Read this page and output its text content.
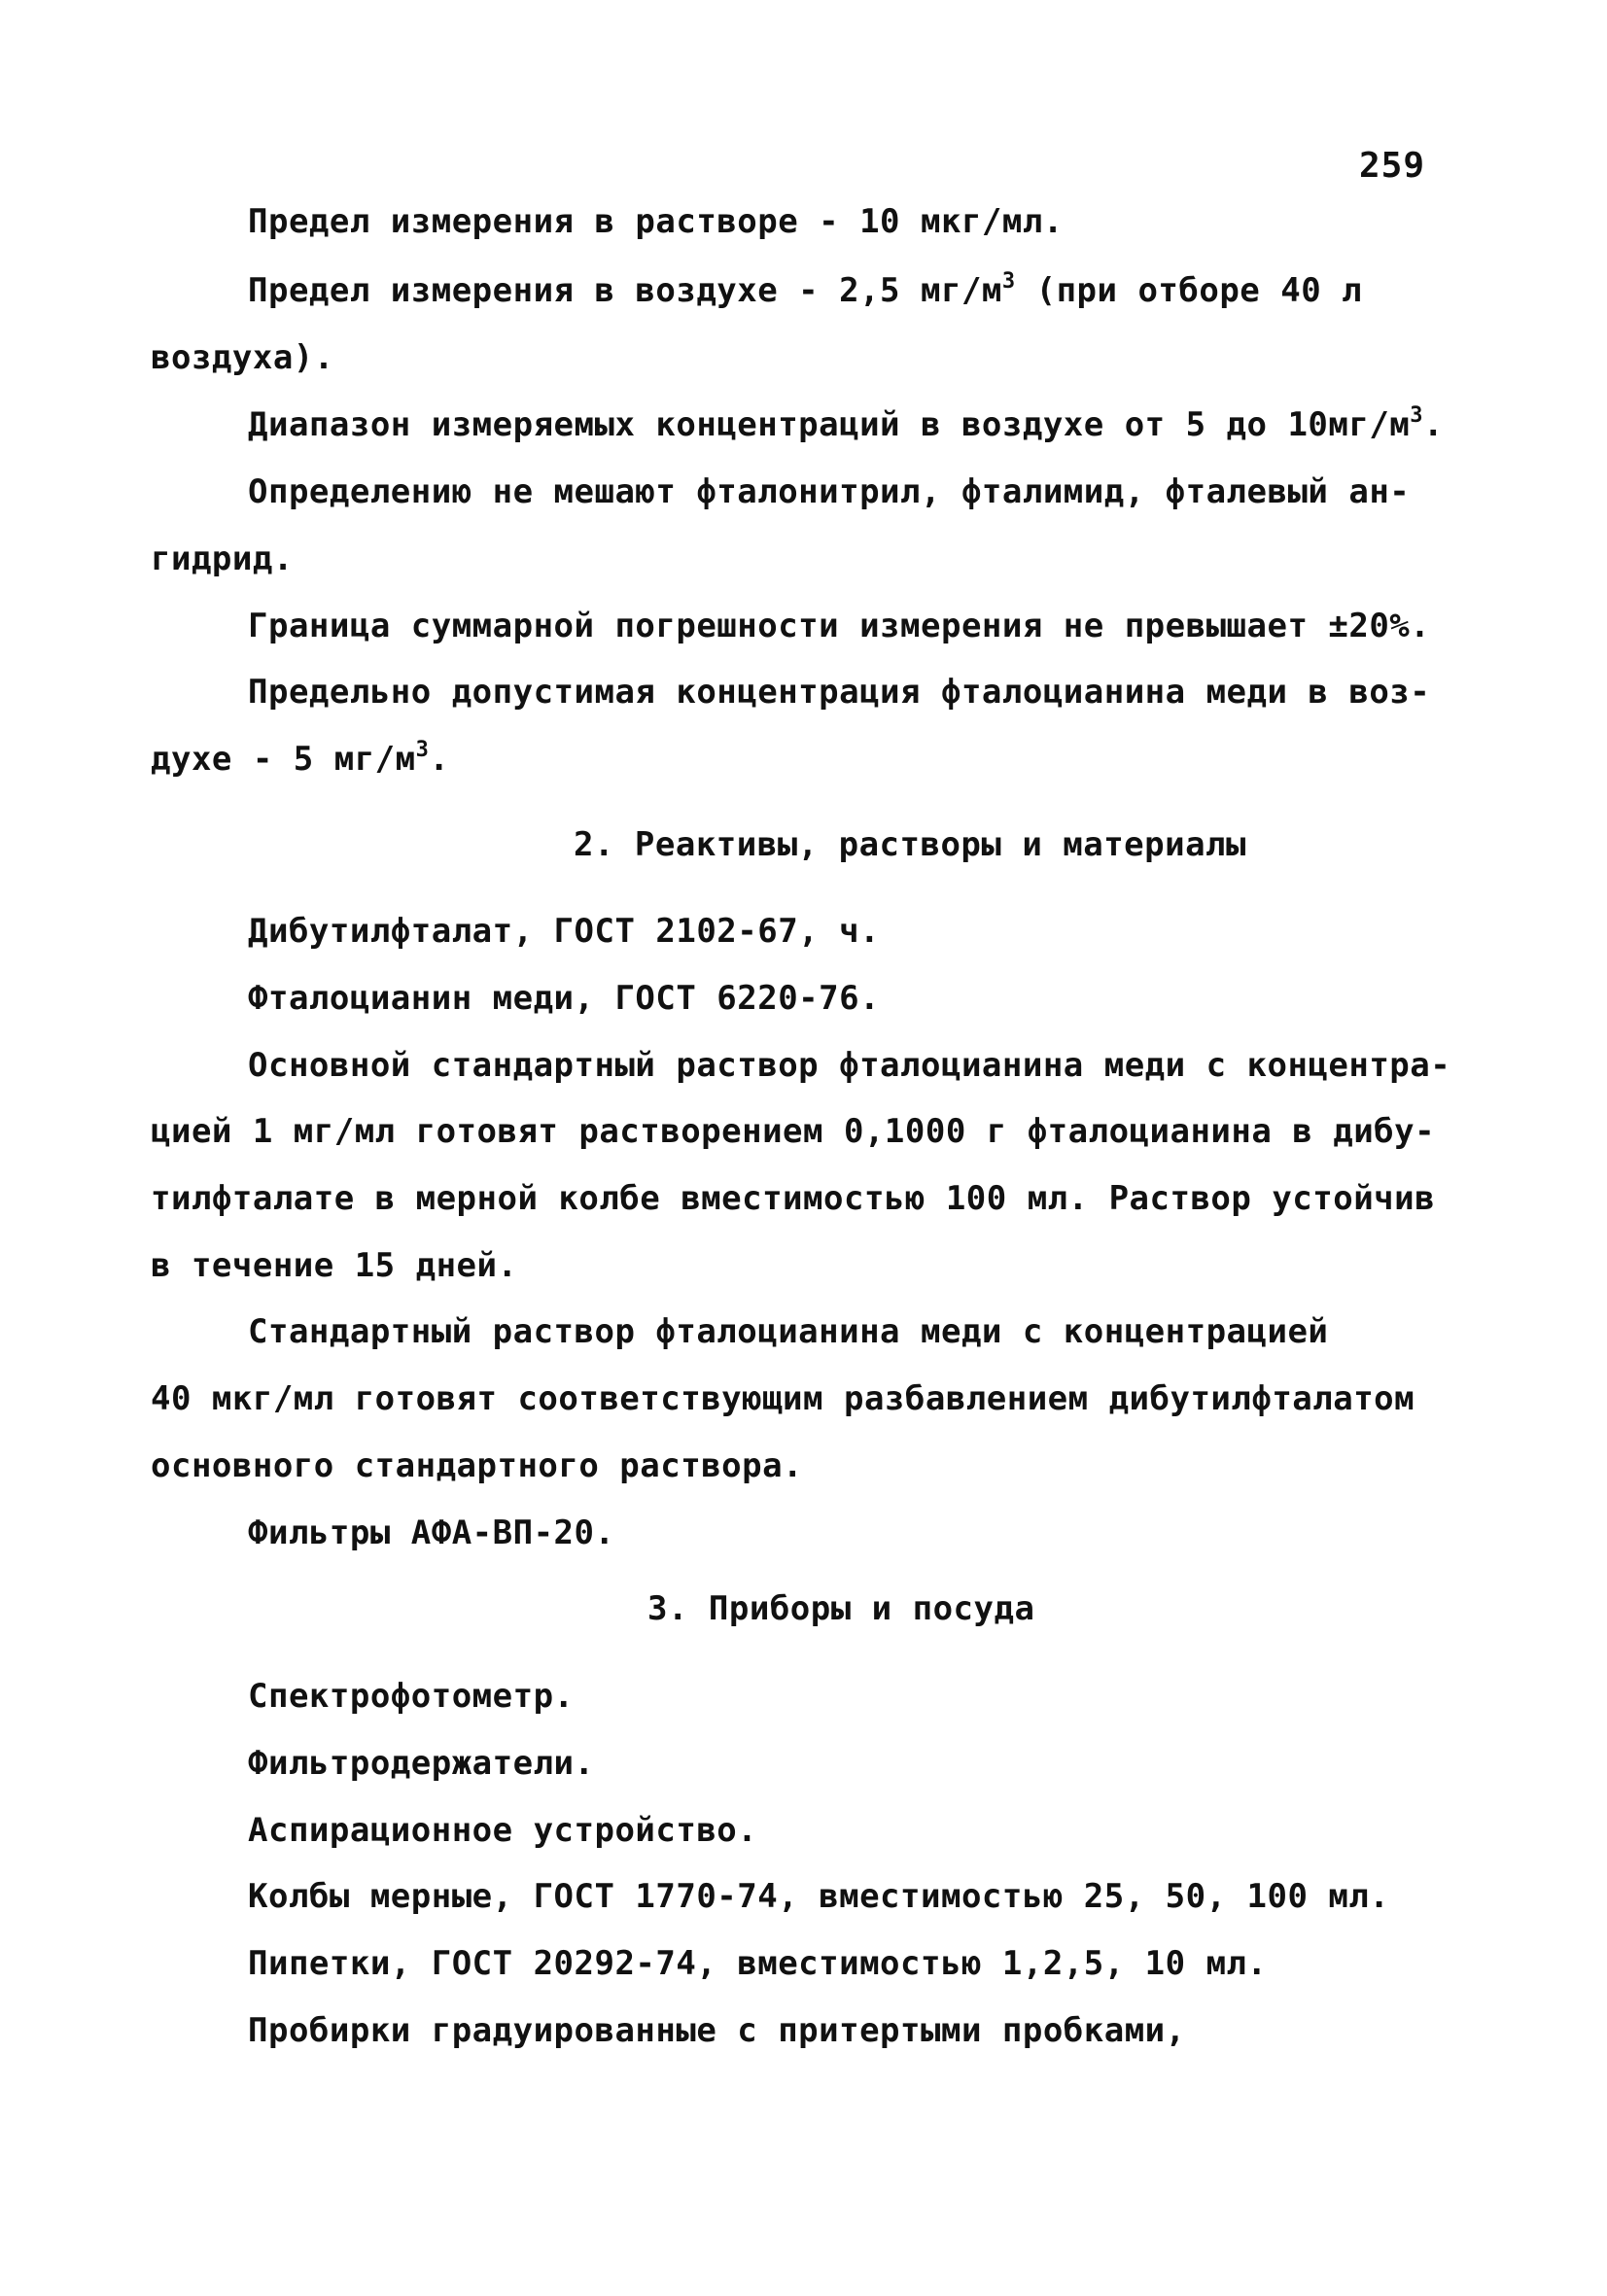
259
Предел измерения в растворе - 10 мкг/мл.
Предел измерения в воздухе - 2,5 $мг/м^3$ (при отборе 40 л
воздуха).
Диапазон измеряемых концентраций в воздухе от 5 до $10мг/м^3$.
Определению не мешают фталонитрил, фталимид, фталевый ан-
гидрид.
Граница суммарной погрешности измерения не превышает ±20%.
Предельно допустимая концентрация фталоцианина меди в воз-
духе - 5 $мг/м^3$.
2. Реактивы, растворы и материалы
Дибутилфталат, ГОСТ 2102-67, ч.
Фталоцианин меди, ГОСТ 6220-76.
Основной стандартный раствор фталоцианина меди с концентра-
цией 1 мг/мл готовят растворением 0,1000 г фталоцианина в дибу-
тилфталате в мерной колбе вместимостью 100 мл. Раствор устойчив
в течение 15 дней.
Стандартный раствор фталоцианина меди с концентрацией
40 мкг/мл готовят соответствующим разбавлением дибутилфталатом
основного стандартного раствора.
Фильтры АФА-ВП-20.
3. Приборы и посуда
Спектрофотометр.
Фильтродержатели.
Аспирационное устройство.
Колбы мерные, ГОСТ 1770-74, вместимостью 25, 50, 100 мл.
Пипетки, ГОСТ 20292-74, вместимостью 1,2,5, 10 мл.
Пробирки градуированные с притертыми пробками,
